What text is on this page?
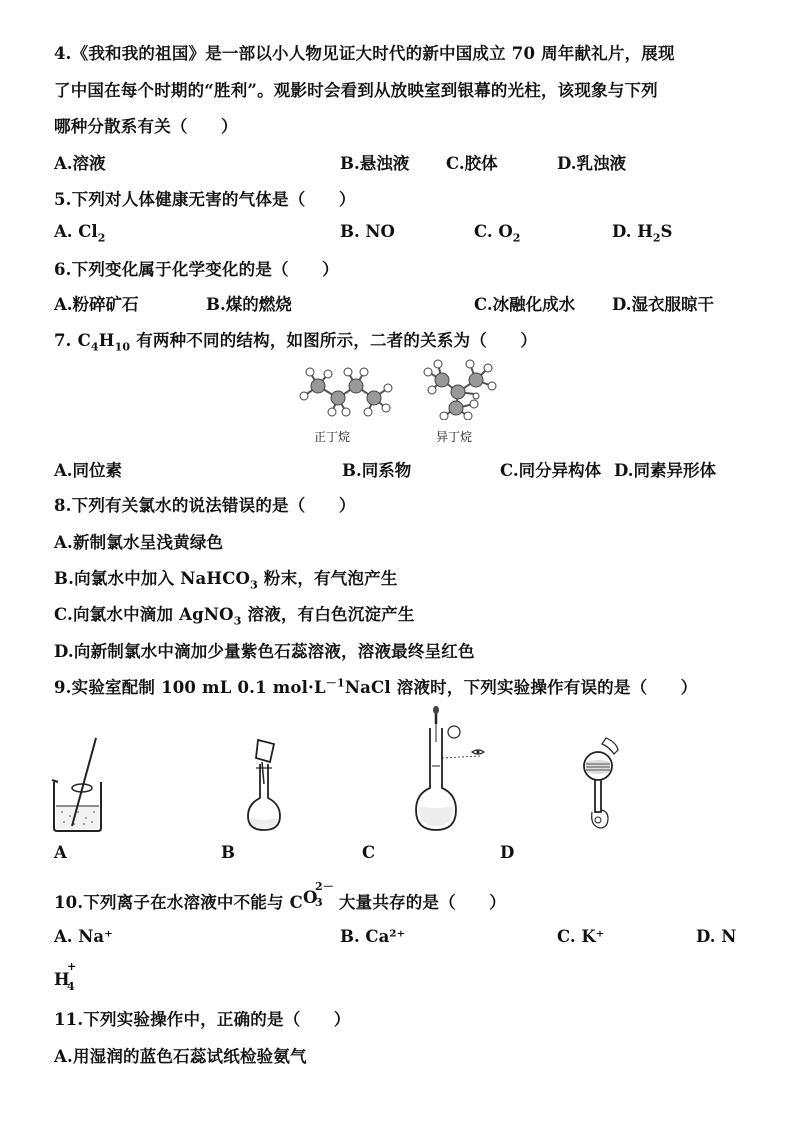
4.《我和我的祖国》是一部以小人物见证大时代的新中国成立 70 周年献礼片，展现
了中国在每个时期的“胜利”。观影时会看到从放映室到银幕的光柱，该现象与下列
哪种分散系有关（　　）
A.溶液	B.悬浊液 C.胶体	D.乳浊液
5.下列对人体健康无害的气体是（　　）
A. $Cl_2$	B. NO	C. $O_2$	D. $H_2S$
6.下列变化属于化学变化的是（　　）
A.粉碎矿石	B.煤的燃烧	C.冰融化成水 D.湿衣服晾干
7. $C_4H_{10}$ 有两种不同的结构，如图所示，二者的关系为（　　）
正丁烷	异丁烷
A.同位素	B.同系物	C.同分异构体 D.同素异形体
8.下列有关氯水的说法错误的是（　　）
A.新制氯水呈浅黄绿色
B.向氯水中加入 NaHCO$_3$ 粉末，有气泡产生
C.向氯水中滴加 AgNO$_3$ 溶液，有白色沉淀产生
D.向新制氯水中滴加少量紫色石蕊溶液，溶液最终呈红色
9.实验室配制 100 mL 0.1 $mol\cdot L^{-1}NaCl$ 溶液时，下列实验操作有误的是（　　）
A	B	C	D
10.下列离子在水溶液中不能与 C O
2－
3 大量共存的是（　　）
A. Na⁺	B. Ca²⁺	C. K⁺	D. N
H
+
4
11.下列实验操作中，正确的是（　　）
A.用湿润的蓝色石蕊试纸检验氨气
